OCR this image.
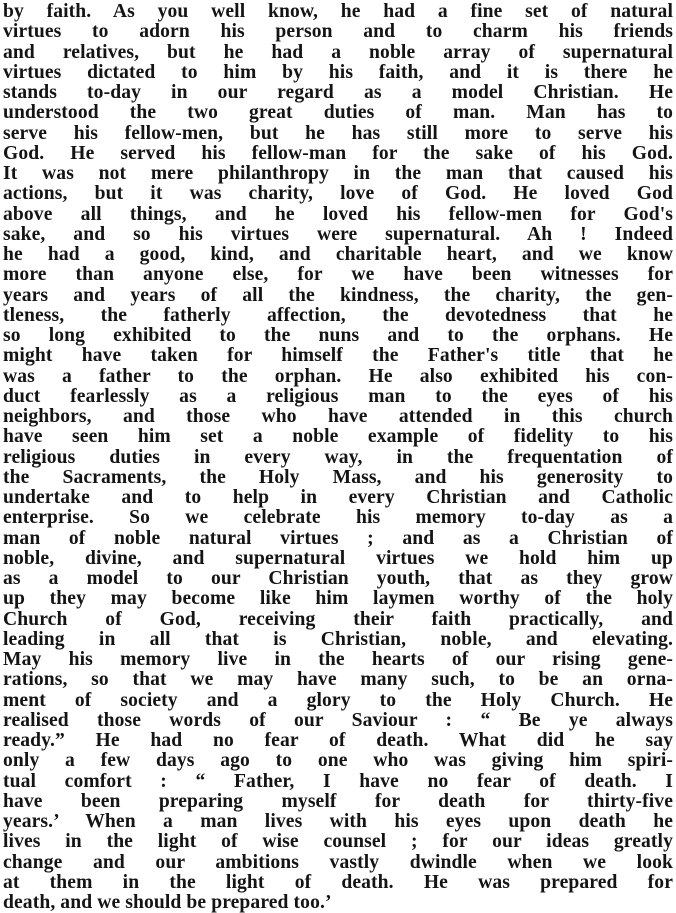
by faith. As you well know, he had a fine set of natural
virtues to adorn his person and to charm his friends
and relatives, but he had a noble array of supernatural
virtues dictated to him by his faith, and it is there he
stands to-day in our regard as a model Christian. He
understood the two great duties of man. Man has to
serve his fellow-men, but he has still more to serve his
God. He served his fellow-man for the sake of his God.
It was not mere philanthropy in the man that caused his
actions, but it was charity, love of God. He loved God
above all things, and he loved his fellow-men for God's
sake, and so his virtues were supernatural. Ah ! Indeed
he had a good, kind, and charitable heart, and we know
more than anyone else, for we have been witnesses for
years and years of all the kindness, the charity, the gen-
tleness, the fatherly affection, the devotedness that he
so long exhibited to the nuns and to the orphans. He
might have taken for himself the Father's title that he
was a father to the orphan. He also exhibited his con-
duct fearlessly as a religious man to the eyes of his
neighbors, and those who have attended in this church
have seen him set a noble example of fidelity to his
religious duties in every way, in the frequentation of
the Sacraments, the Holy Mass, and his generosity to
undertake and to help in every Christian and Catholic
enterprise. So we celebrate his memory to-day as a
man of noble natural virtues ; and as a Christian of
noble, divine, and supernatural virtues we hold him up
as a model to our Christian youth, that as they grow
up they may become like him laymen worthy of the holy
Church of God, receiving their faith practically, and
leading in all that is Christian, noble, and elevating.
May his memory live in the hearts of our rising gene-
rations, so that we may have many such, to be an orna-
ment of society and a glory to the Holy Church. He
realised those words of our Saviour : “ Be ye always
ready.” He had no fear of death. What did he say
only a few days ago to one who was giving him spiri-
tual comfort : “ Father, I have no fear of death. I
have been preparing myself for death for thirty-five
years.’ When a man lives with his eyes upon death he
lives in the light of wise counsel ; for our ideas greatly
change and our ambitions vastly dwindle when we look
at them in the light of death. He was prepared for
death, and we should be prepared too.’
